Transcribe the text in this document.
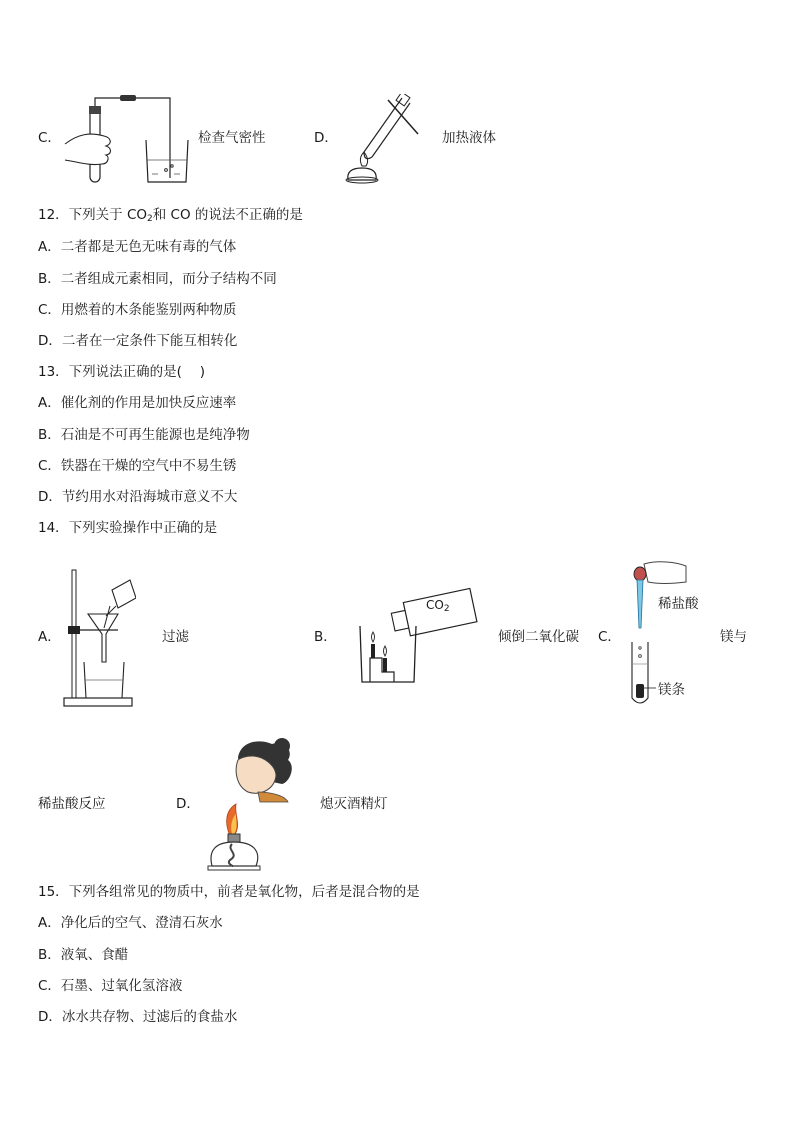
C．	检查气密性	D．	加热液体
12．下列关于 $CO_2$和 CO 的说法不正确的是
A．二者都是无色无味有毒的气体
B．二者组成元素相同，而分子结构不同
C．用燃着的木条能鉴别两种物质
D．二者在一定条件下能互相转化
13．下列说法正确的是(　 )
A．催化剂的作用是加快反应速率
B．石油是不可再生能源也是纯净物
C．铁器在干燥的空气中不易生锈
D．节约用水对沿海城市意义不大
14．下列实验操作中正确的是
A．	过滤	B．
$CO_2$
倾倒二氧化碳 C．
稀盐酸
镁条
镁与
稀盐酸反应	D．	熄灭酒精灯
15．下列各组常见的物质中，前者是氧化物，后者是混合物的是
A．净化后的空气、澄清石灰水
B．液氧、食醋
C．石墨、过氧化氢溶液
D．冰水共存物、过滤后的食盐水
